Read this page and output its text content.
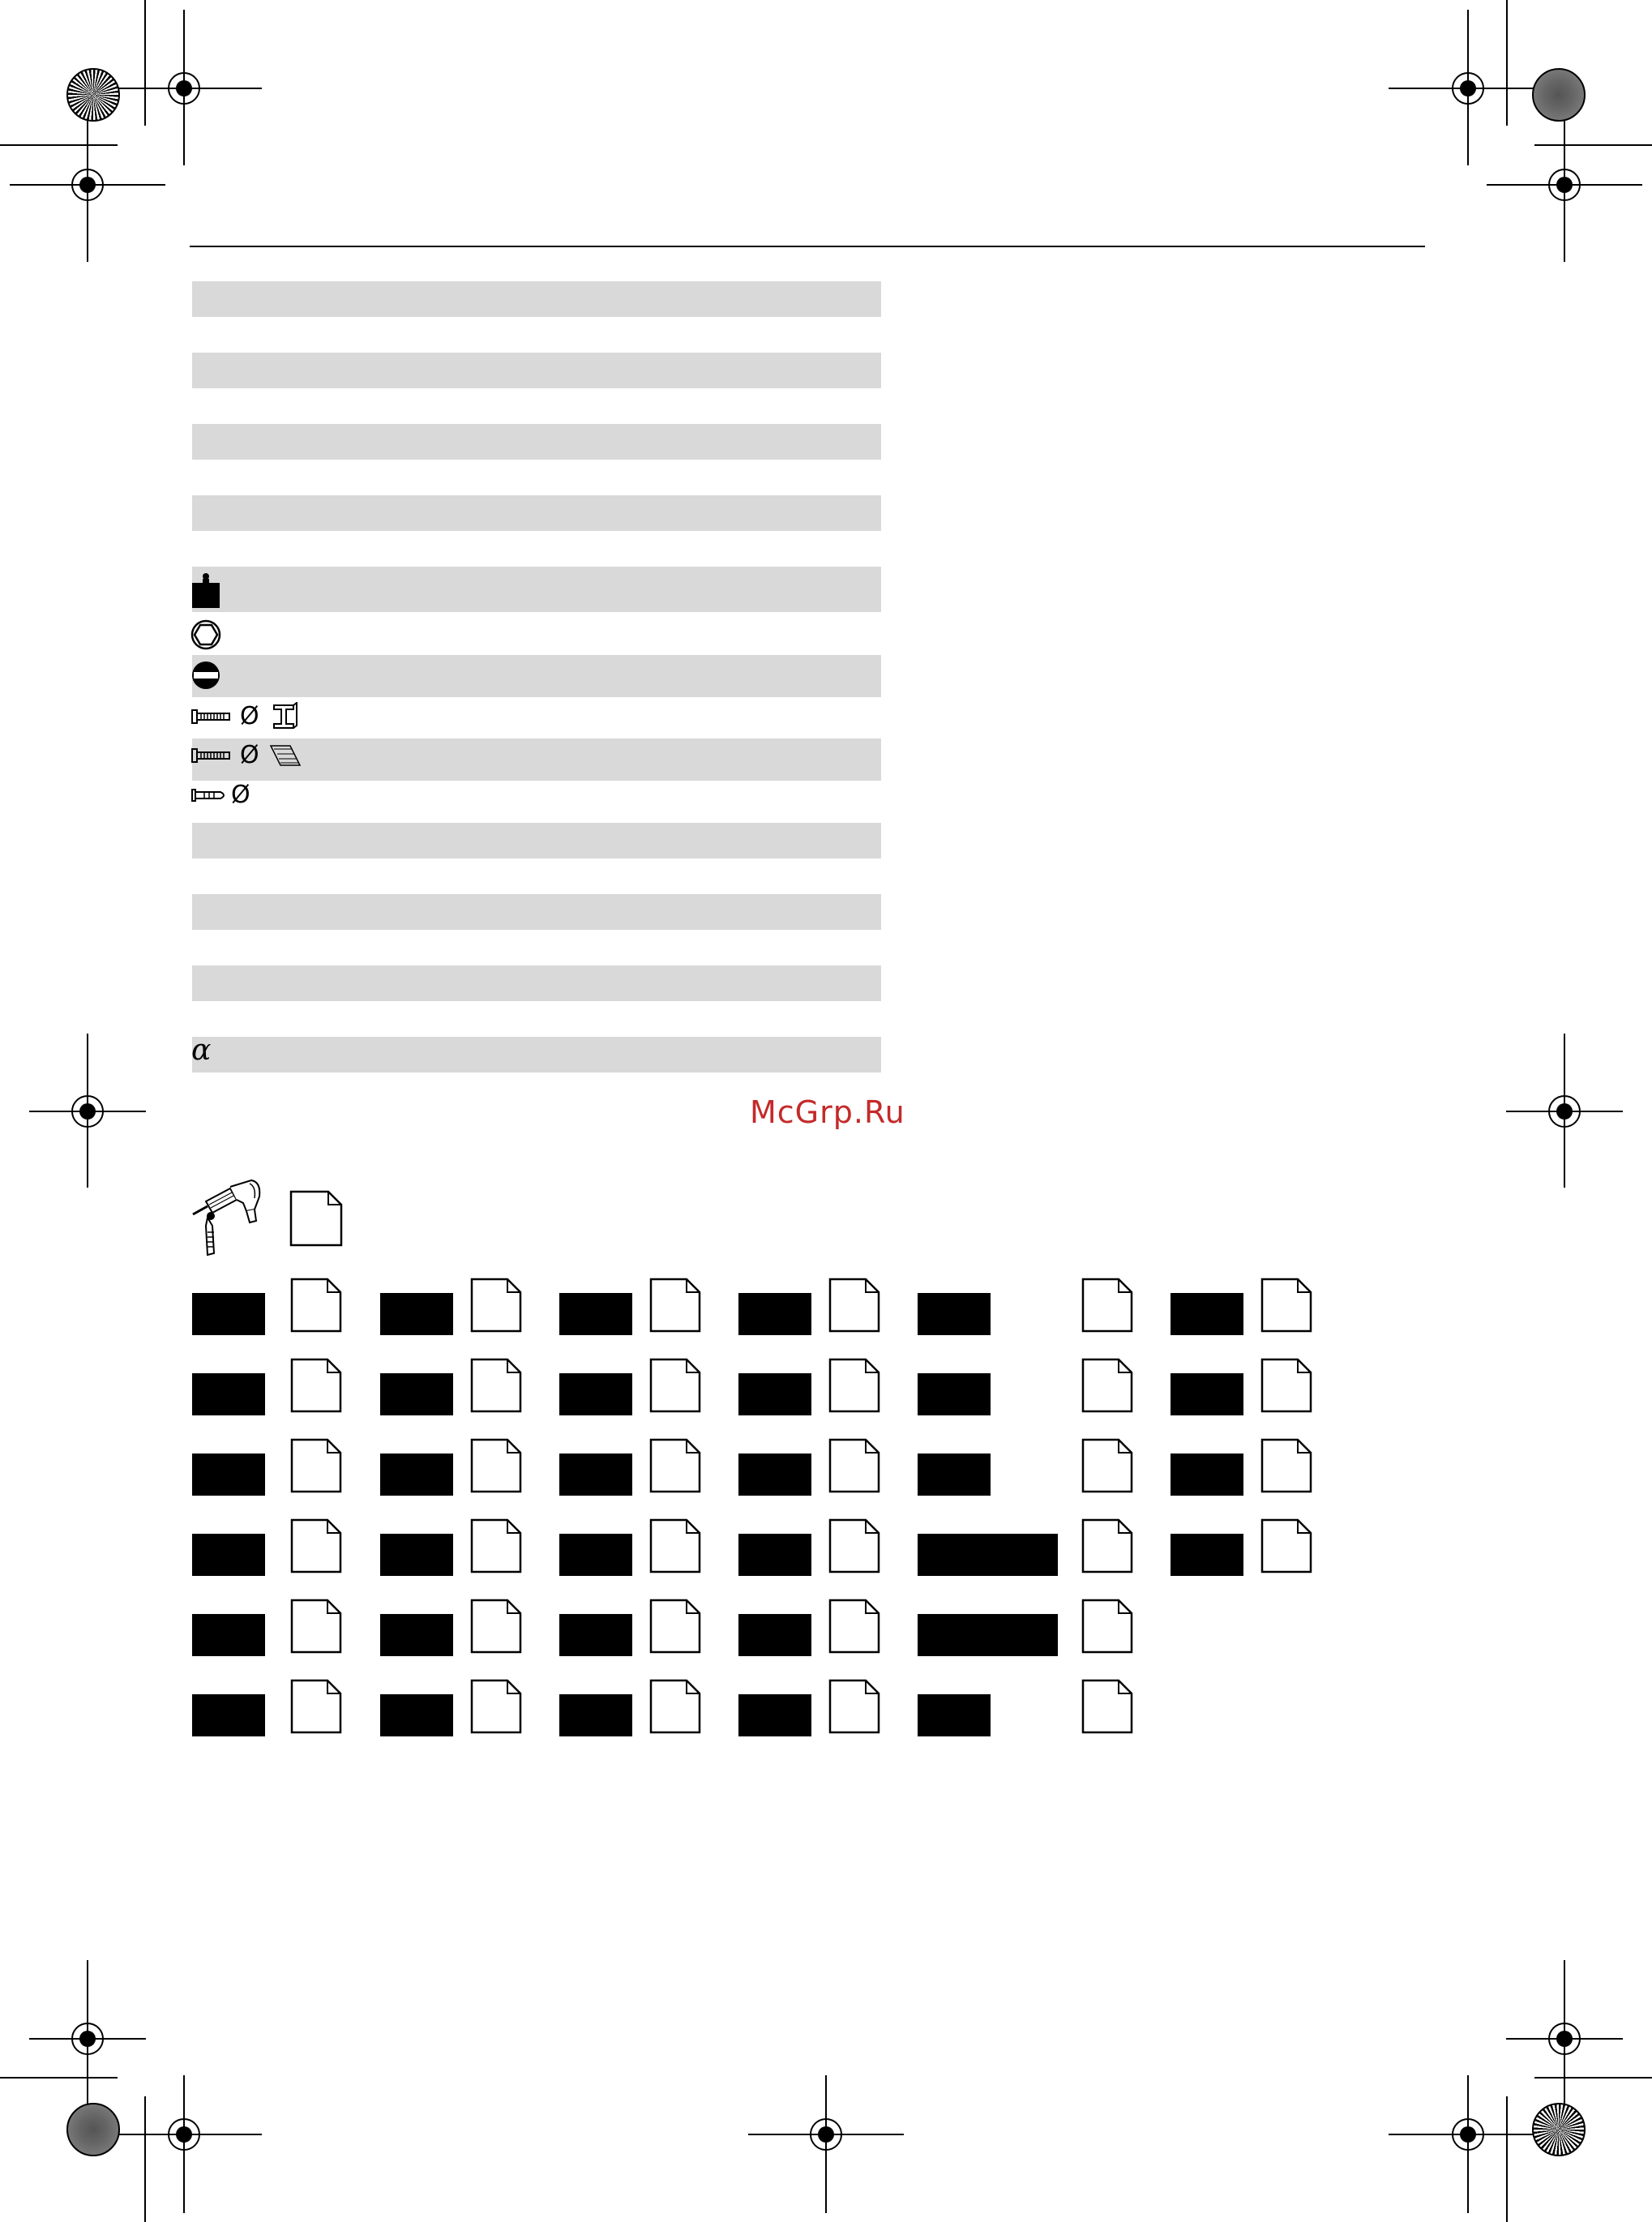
Ø
Ø
Ø
α
McGrp.Ru
